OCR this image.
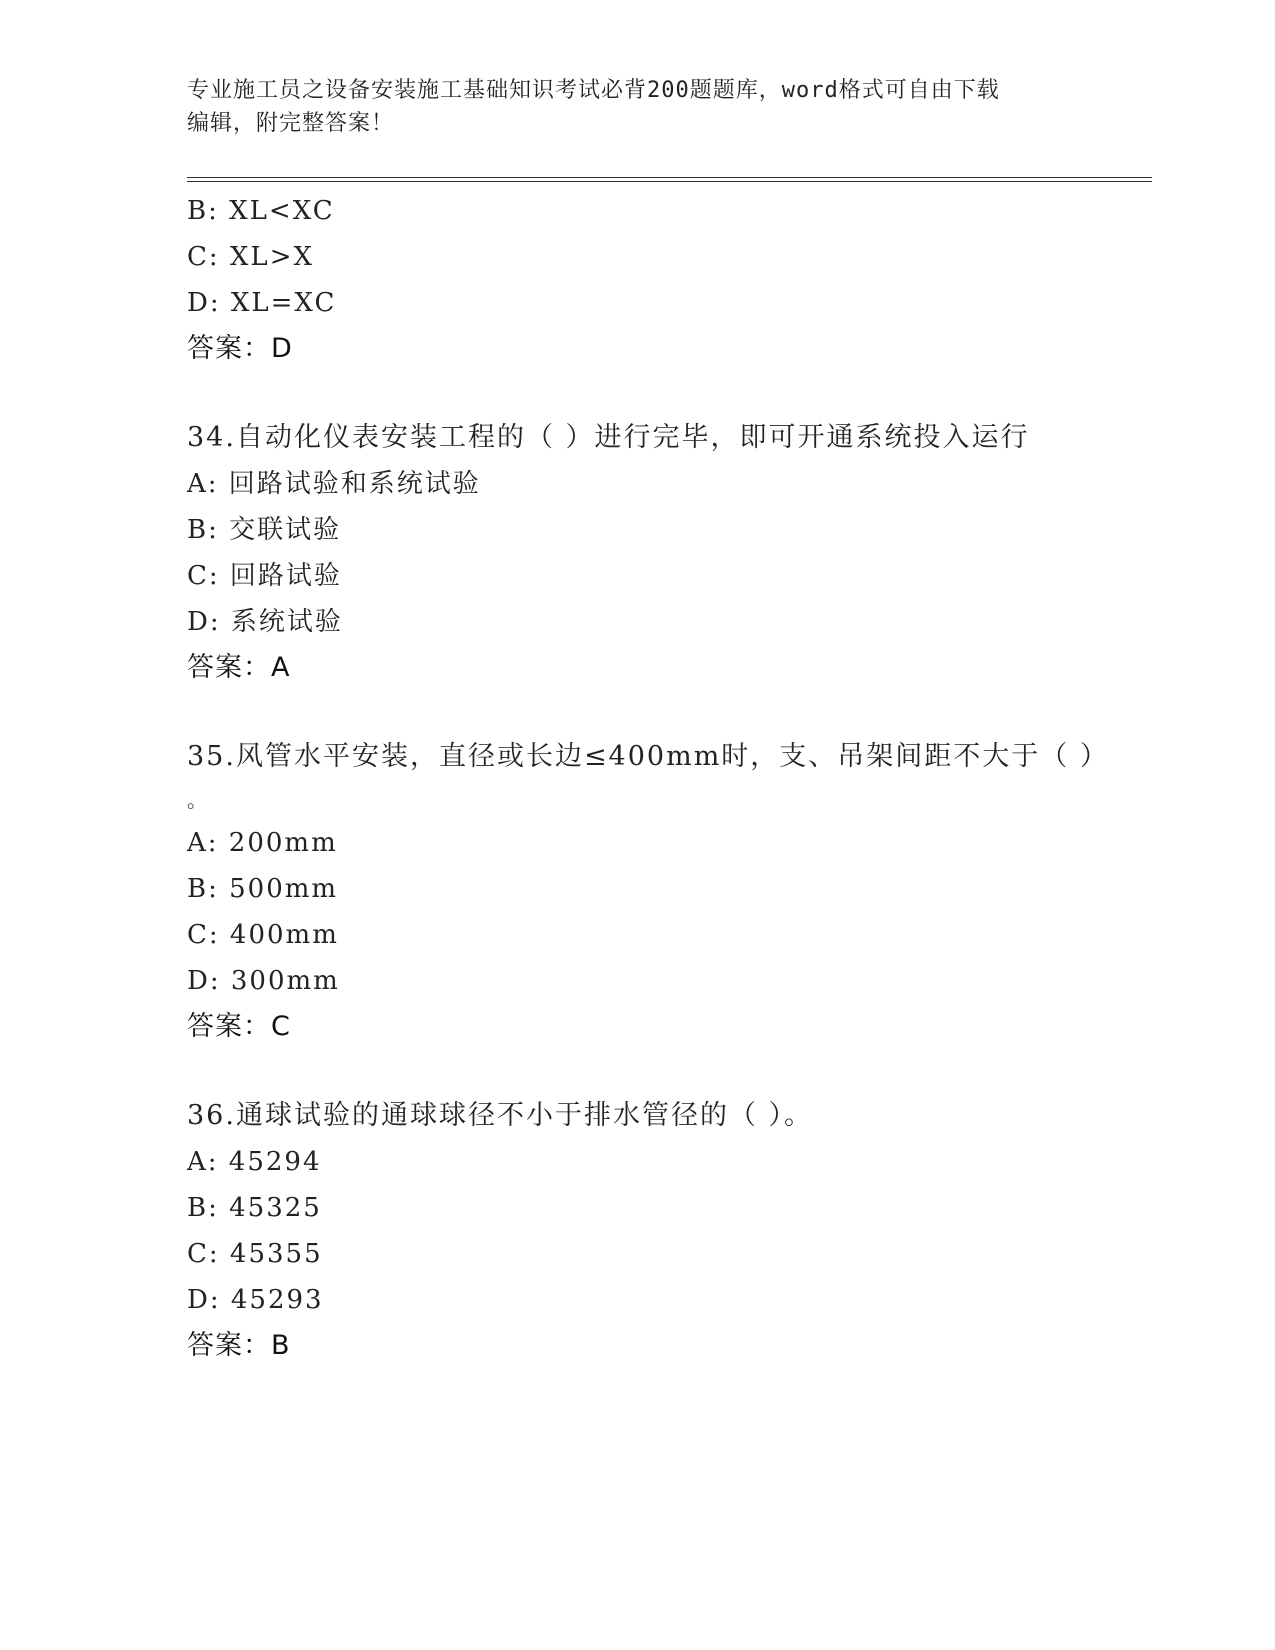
专业施工员之设备安装施工基础知识考试必背200题题库，word格式可自由下载
编辑，附完整答案！
B: XL<XC
C: XL>X
D: XL=XC
答案：D
34.自动化仪表安装工程的（ ）进行完毕，即可开通系统投入运行
A: 回路试验和系统试验
B: 交联试验
C: 回路试验
D: 系统试验
答案：A
35.风管水平安装，直径或长边≤400mm时，支、吊架间距不大于（ ）
。
A: 200mm
B: 500mm
C: 400mm
D: 300mm
答案：C
36.通球试验的通球球径不小于排水管径的（ ）。
A: 45294
B: 45325
C: 45355
D: 45293
答案：B
